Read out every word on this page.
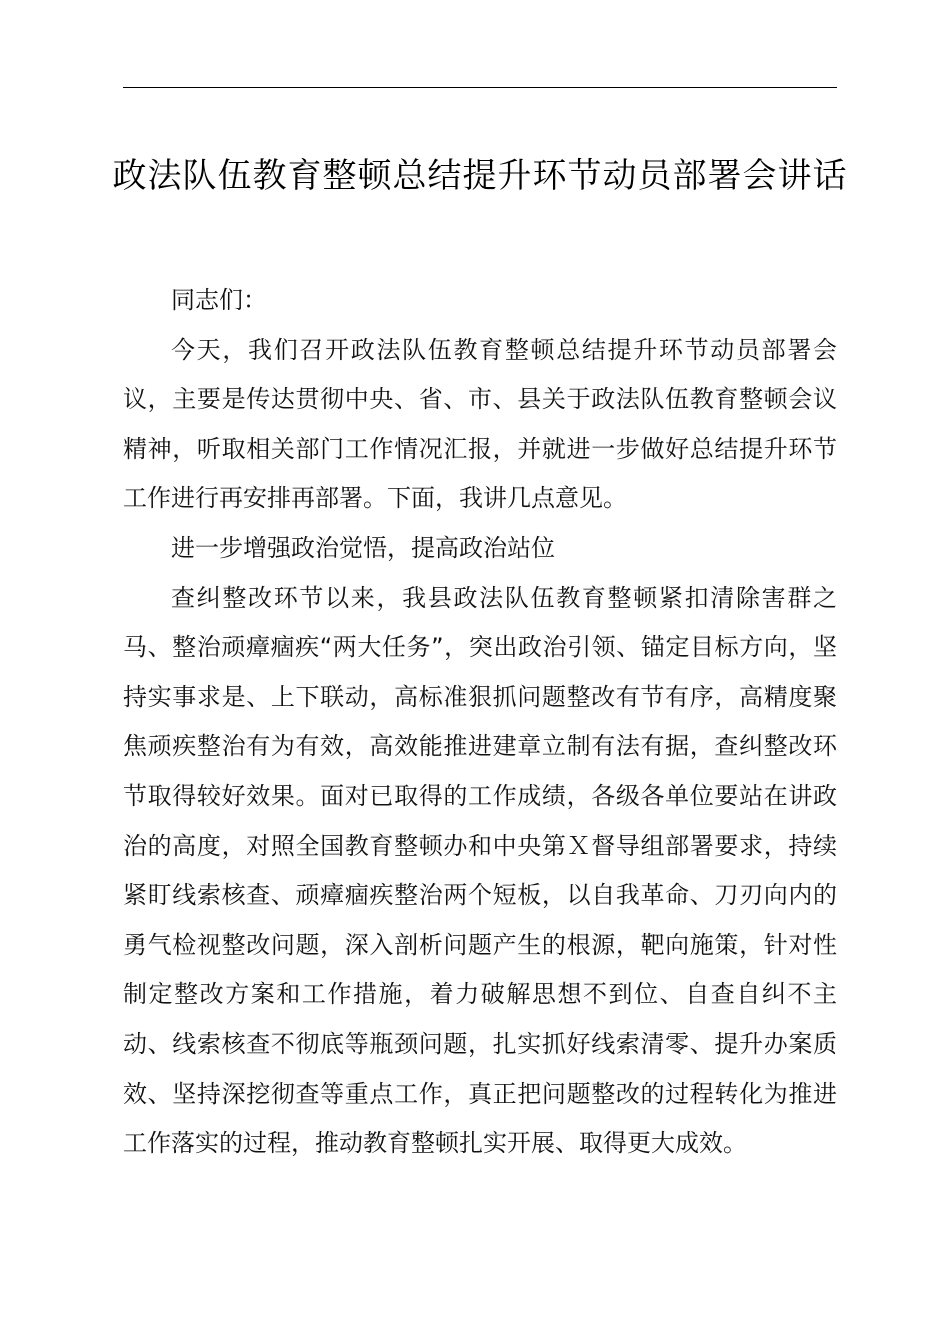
政法队伍教育整顿总结提升环节动员部署会讲话

同志们：

今天，我们召开政法队伍教育整顿总结提升环节动员部署会议，主要是传达贯彻中央、省、市、县关于政法队伍教育整顿会议精神，听取相关部门工作情况汇报，并就进一步做好总结提升环节工作进行再安排再部署。下面，我讲几点意见。

进一步增强政治觉悟，提高政治站位

查纠整改环节以来，我县政法队伍教育整顿紧扣清除害群之马、整治顽瘴痼疾“两大任务”，突出政治引领、锚定目标方向，坚持实事求是、上下联动，高标准狠抓问题整改有节有序，高精度聚焦顽疾整治有为有效，高效能推进建章立制有法有据，查纠整改环节取得较好效果。面对已取得的工作成绩，各级各单位要站在讲政治的高度，对照全国教育整顿办和中央第Ｘ督导组部署要求，持续紧盯线索核查、顽瘴痼疾整治两个短板，以自我革命、刀刃向内的勇气检视整改问题，深入剖析问题产生的根源，靶向施策，针对性制定整改方案和工作措施，着力破解思想不到位、自查自纠不主动、线索核查不彻底等瓶颈问题，扎实抓好线索清零、提升办案质效、坚持深挖彻查等重点工作，真正把问题整改的过程转化为推进工作落实的过程，推动教育整顿扎实开展、取得更大成效。
